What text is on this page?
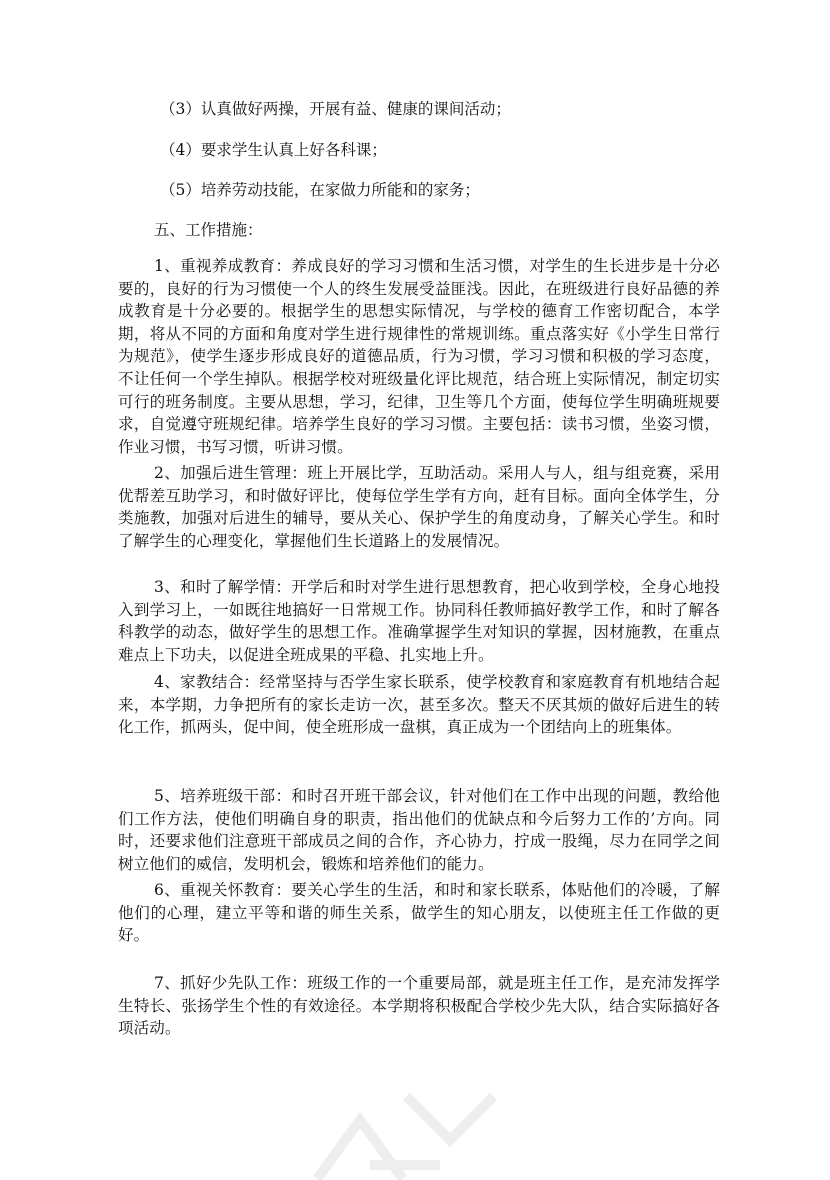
（3）认真做好两操，开展有益、健康的课间活动；
（4）要求学生认真上好各科课；
（5）培养劳动技能，在家做力所能和的家务；
五、工作措施：
1、重视养成教育：养成良好的学习习惯和生活习惯，对学生的生长进步是十分必要的，良好的行为习惯使一个人的终生发展受益匪浅。因此，在班级进行良好品德的养成教育是十分必要的。根据学生的思想实际情况，与学校的德育工作密切配合，本学期，将从不同的方面和角度对学生进行规律性的常规训练。重点落实好《小学生日常行为规范》，使学生逐步形成良好的道德品质，行为习惯，学习习惯和积极的学习态度，不让任何一个学生掉队。根据学校对班级量化评比规范，结合班上实际情况，制定切实可行的班务制度。主要从思想，学习，纪律，卫生等几个方面，使每位学生明确班规要求，自觉遵守班规纪律。培养学生良好的学习习惯。主要包括：读书习惯，坐姿习惯，作业习惯，书写习惯，听讲习惯。
2、加强后进生管理：班上开展比学，互助活动。采用人与人，组与组竞赛，采用优帮差互助学习，和时做好评比，使每位学生学有方向，赶有目标。面向全体学生，分类施教，加强对后进生的辅导，要从关心、保护学生的角度动身，了解关心学生。和时了解学生的心理变化，掌握他们生长道路上的发展情况。
3、和时了解学情：开学后和时对学生进行思想教育，把心收到学校，全身心地投入到学习上，一如既往地搞好一日常规工作。协同科任教师搞好教学工作，和时了解各科教学的动态，做好学生的思想工作。准确掌握学生对知识的掌握，因材施教，在重点难点上下功夫，以促进全班成果的平稳、扎实地上升。
4、家教结合：经常坚持与否学生家长联系，使学校教育和家庭教育有机地结合起来，本学期，力争把所有的家长走访一次，甚至多次。整天不厌其烦的做好后进生的转化工作，抓两头，促中间，使全班形成一盘棋，真正成为一个团结向上的班集体。
5、培养班级干部：和时召开班干部会议，针对他们在工作中出现的问题，教给他们工作方法，使他们明确自身的职责，指出他们的优缺点和今后努力工作的’方向。同时，还要求他们注意班干部成员之间的合作，齐心协力，拧成一股绳，尽力在同学之间树立他们的威信，发明机会，锻炼和培养他们的能力。
6、重视关怀教育：要关心学生的生活，和时和家长联系，体贴他们的冷暖，了解他们的心理，建立平等和谐的师生关系，做学生的知心朋友，以使班主任工作做的更好。
7、抓好少先队工作：班级工作的一个重要局部，就是班主任工作，是充沛发挥学生特长、张扬学生个性的有效途径。本学期将积极配合学校少先大队，结合实际搞好各项活动。
